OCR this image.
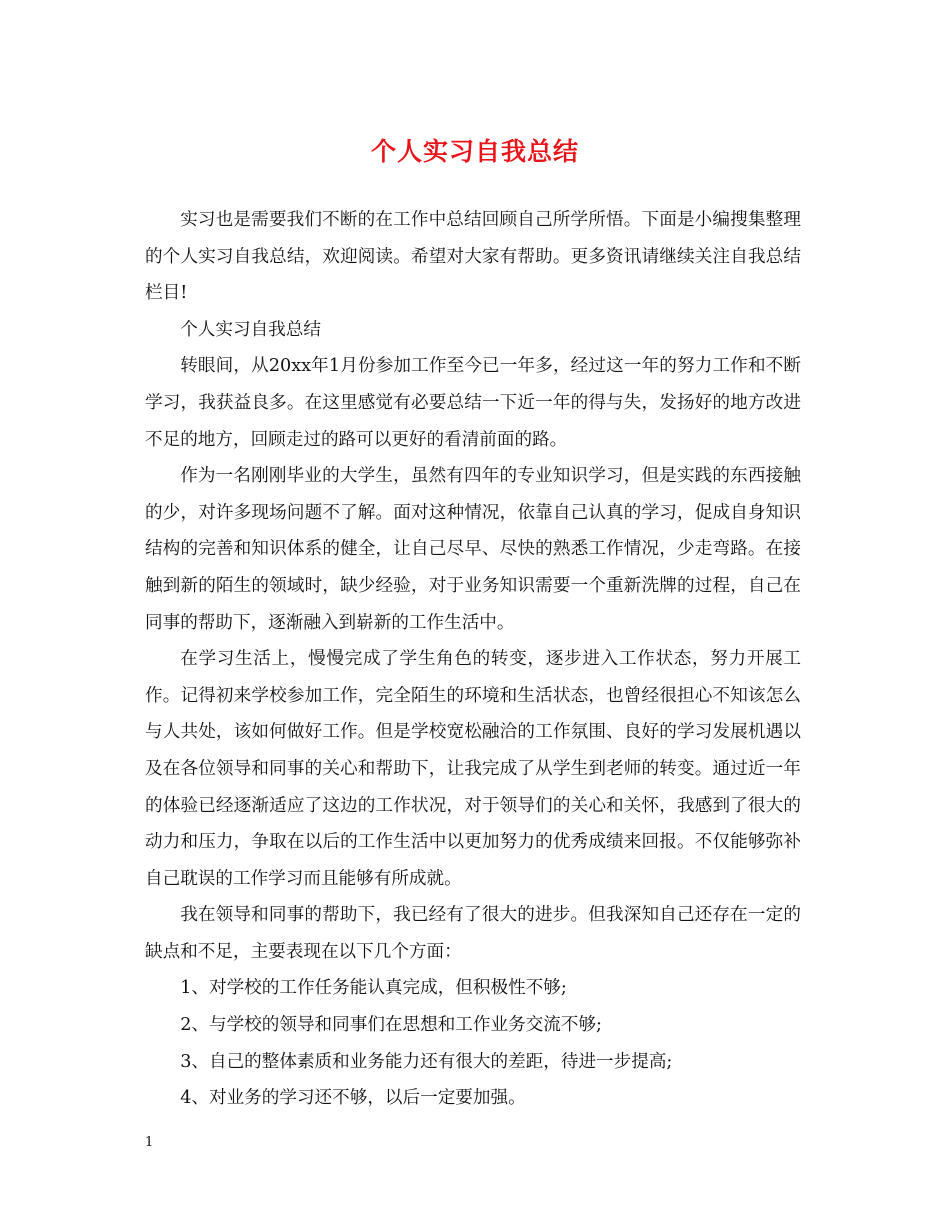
个人实习自我总结

实习也是需要我们不断的在工作中总结回顾自己所学所悟。下面是小编搜集整理的个人实习自我总结，欢迎阅读。希望对大家有帮助。更多资讯请继续关注自我总结栏目!

个人实习自我总结

转眼间，从20xx年1月份参加工作至今已一年多，经过这一年的努力工作和不断学习，我获益良多。在这里感觉有必要总结一下近一年的得与失，发扬好的地方改进不足的地方，回顾走过的路可以更好的看清前面的路。

作为一名刚刚毕业的大学生，虽然有四年的专业知识学习，但是实践的东西接触的少，对许多现场问题不了解。面对这种情况，依靠自己认真的学习，促成自身知识结构的完善和知识体系的健全，让自己尽早、尽快的熟悉工作情况，少走弯路。在接触到新的陌生的领域时，缺少经验，对于业务知识需要一个重新洗牌的过程，自己在同事的帮助下，逐渐融入到崭新的工作生活中。

在学习生活上，慢慢完成了学生角色的转变，逐步进入工作状态，努力开展工作。记得初来学校参加工作，完全陌生的环境和生活状态，也曾经很担心不知该怎么与人共处，该如何做好工作。但是学校宽松融洽的工作氛围、良好的学习发展机遇以及在各位领导和同事的关心和帮助下，让我完成了从学生到老师的转变。通过近一年的体验已经逐渐适应了这边的工作状况，对于领导们的关心和关怀，我感到了很大的动力和压力，争取在以后的工作生活中以更加努力的优秀成绩来回报。不仅能够弥补自己耽误的工作学习而且能够有所成就。

我在领导和同事的帮助下，我已经有了很大的进步。但我深知自己还存在一定的缺点和不足，主要表现在以下几个方面：

1、对学校的工作任务能认真完成，但积极性不够;

2、与学校的领导和同事们在思想和工作业务交流不够;

3、自己的整体素质和业务能力还有很大的差距，待进一步提高;

4、对业务的学习还不够，以后一定要加强。

1
